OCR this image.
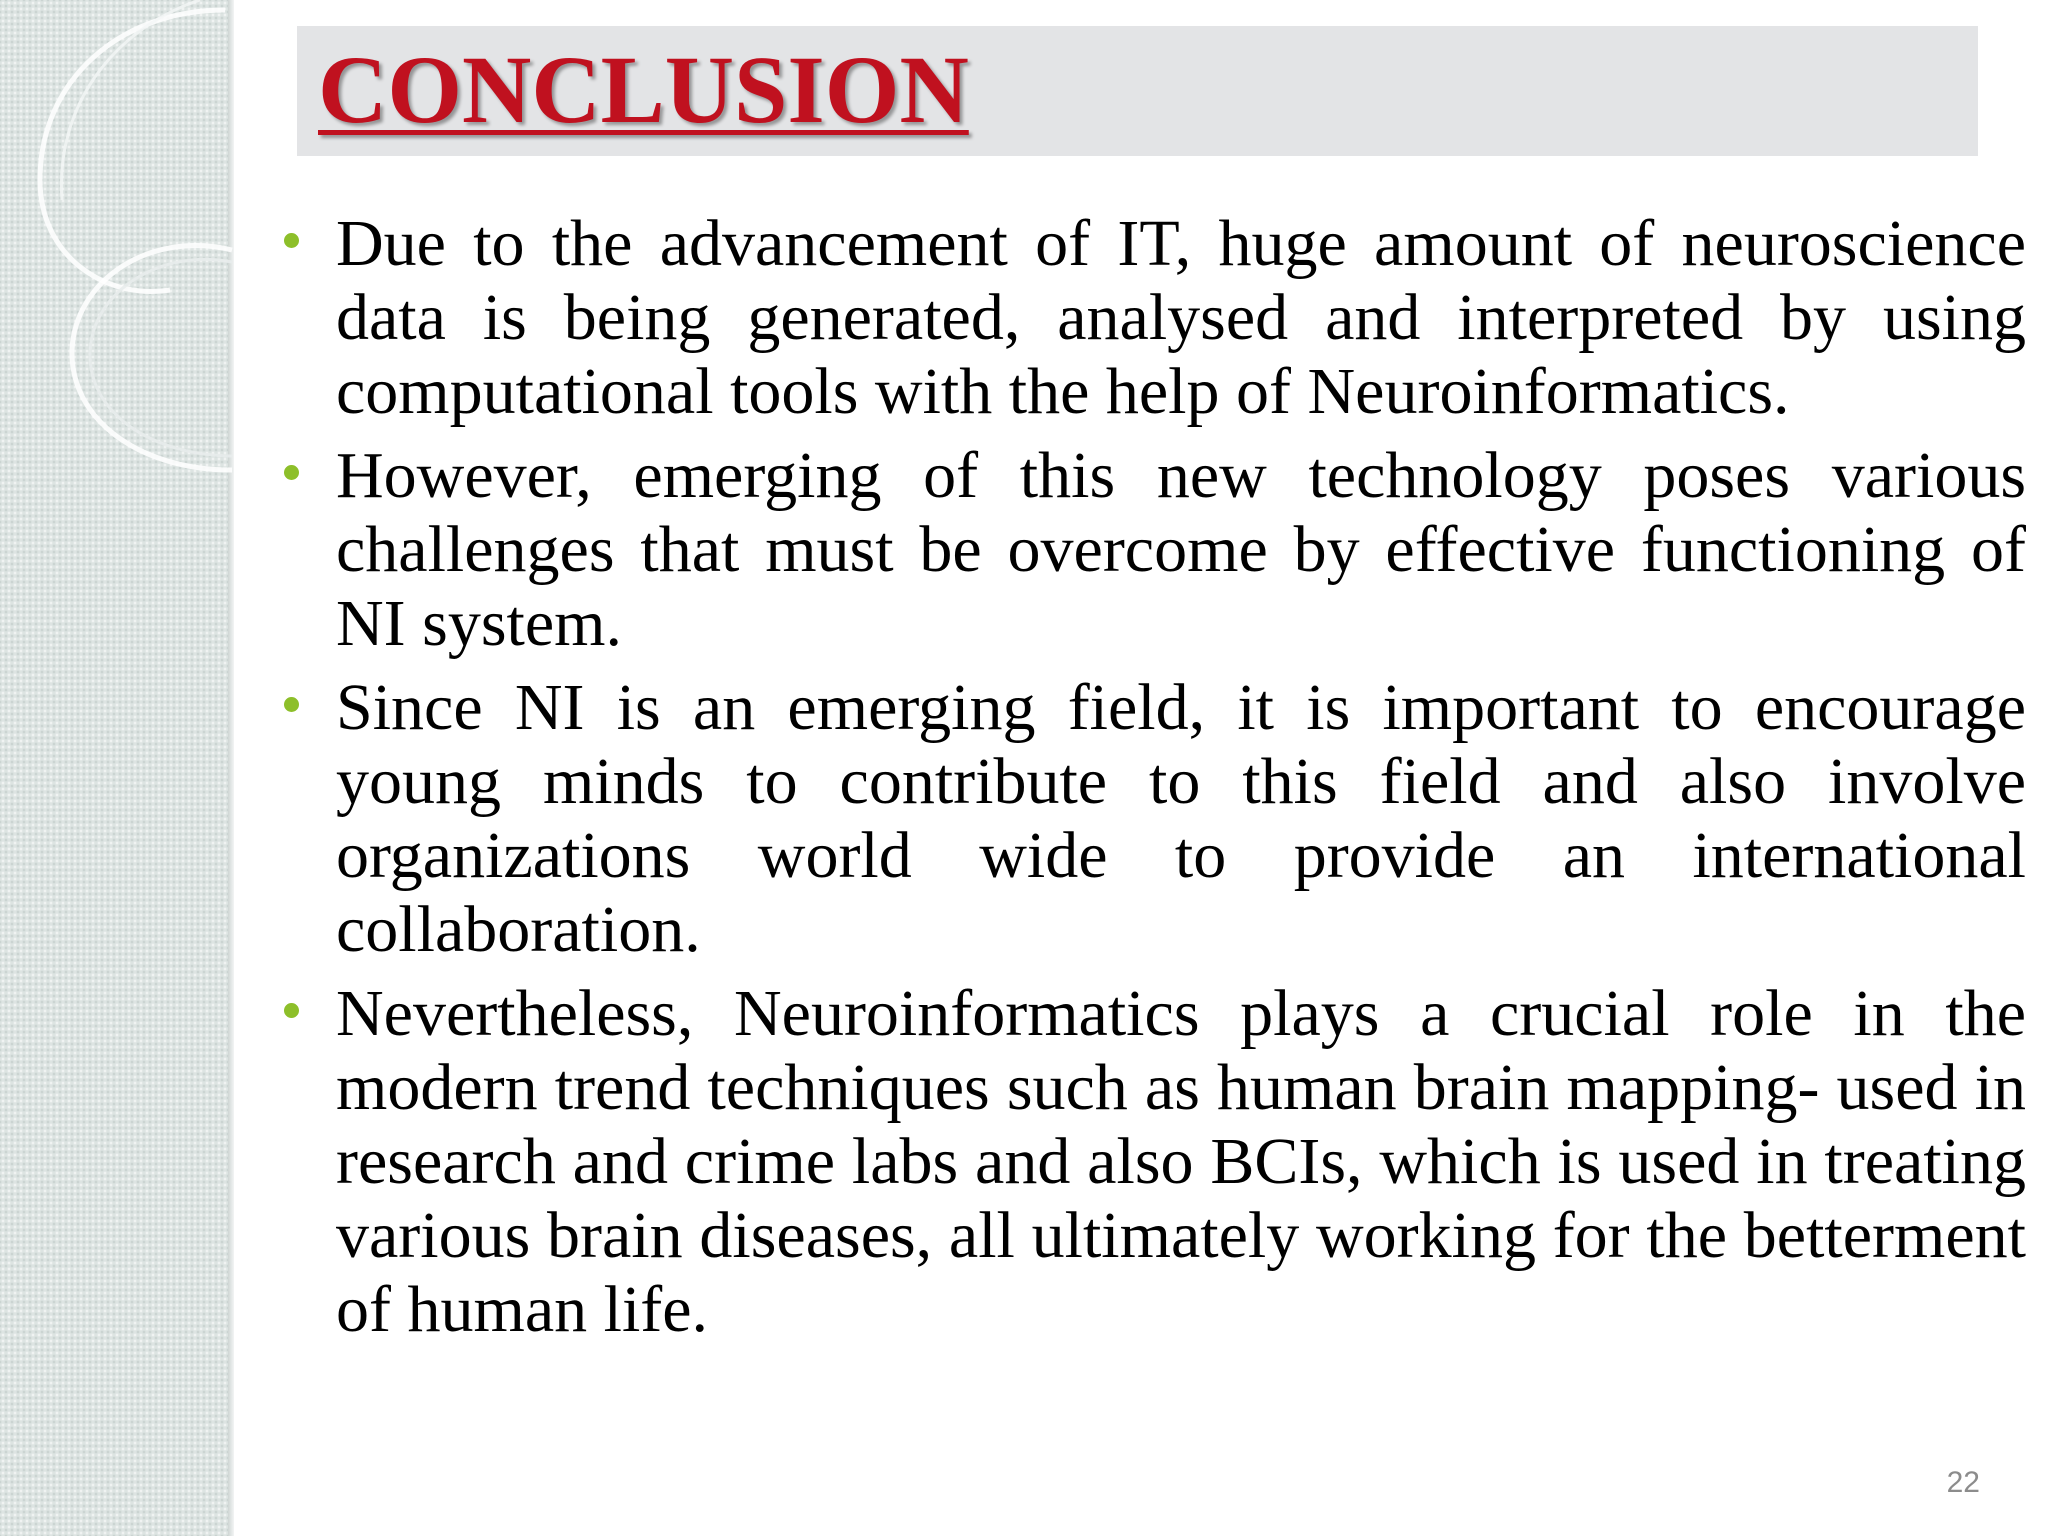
CONCLUSION
Due to the advancement of IT, huge amount of neuroscience data is being generated, analysed and interpreted by using computational tools with the help of Neuroinformatics.
However, emerging of this new technology poses various challenges that must be overcome by effective functioning of NI system.
Since NI is an emerging field, it is important to encourage young minds to contribute to this field and also involve organizations world wide to provide an international collaboration.
Nevertheless, Neuroinformatics plays a crucial role in the modern trend techniques such as human brain mapping- used in research and crime labs and also BCIs, which is used in treating various brain diseases, all ultimately working for the betterment of human life.
22
